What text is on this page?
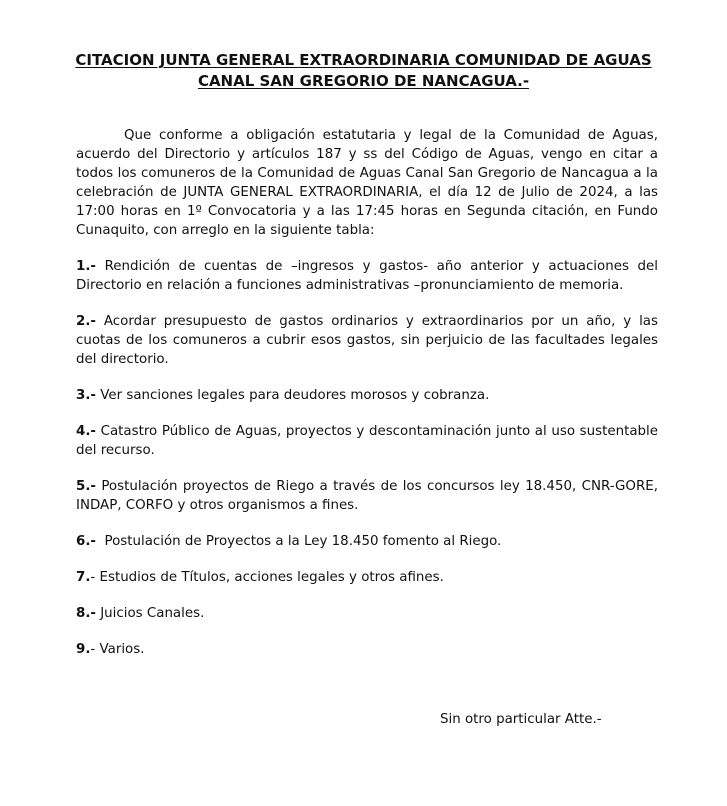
CITACION JUNTA GENERAL EXTRAORDINARIA COMUNIDAD DE AGUAS
CANAL SAN GREGORIO DE NANCAGUA.-

Que conforme a obligación estatutaria y legal de la Comunidad de Aguas, acuerdo del Directorio y artículos 187 y ss del Código de Aguas, vengo en citar a todos los comuneros de la Comunidad de Aguas Canal San Gregorio de Nancagua a la celebración de JUNTA GENERAL EXTRAORDINARIA, el día 12 de Julio de 2024, a las 17:00 horas en 1º Convocatoria y a las 17:45 horas en Segunda citación, en Fundo Cunaquito, con arreglo en la siguiente tabla:

1.- Rendición de cuentas de –ingresos y gastos- año anterior y actuaciones del Directorio en relación a funciones administrativas –pronunciamiento de memoria.

2.- Acordar presupuesto de gastos ordinarios y extraordinarios por un año, y las cuotas de los comuneros a cubrir esos gastos, sin perjuicio de las facultades legales del directorio.

3.- Ver sanciones legales para deudores morosos y cobranza.

4.- Catastro Público de Aguas, proyectos y descontaminación junto al uso sustentable del recurso.

5.- Postulación proyectos de Riego a través de los concursos ley 18.450, CNR-GORE, INDAP, CORFO y otros organismos a fines.

6.-  Postulación de Proyectos a la Ley 18.450 fomento al Riego.

7.- Estudios de Títulos, acciones legales y otros afines.

8.- Juicios Canales.

9.- Varios.

Sin otro particular Atte.-
